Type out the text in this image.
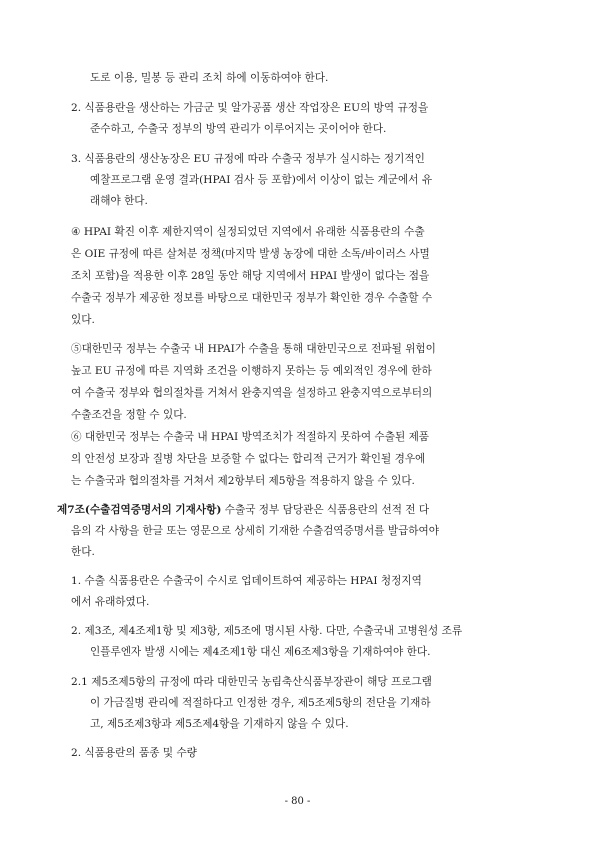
도로 이용, 밀봉 등 관리 조치 하에 이동하여야 한다.
2. 식품용란을 생산하는 가금군 및 알가공품 생산 작업장은 EU의 방역 규정을
준수하고, 수출국 정부의 방역 관리가 이루어지는 곳이어야 한다.
3. 식품용란의 생산농장은 EU 규정에 따라 수출국 정부가 실시하는 정기적인
예찰프로그램 운영 결과(HPAI 검사 등 포함)에서 이상이 없는 계군에서 유
래해야 한다.
④ HPAI 확진 이후 제한지역이 실정되었던 지역에서 유래한 식품용란의 수출
은 OIE 규정에 따른 살처분 정책(마지막 발생 농장에 대한 소독/바이러스 사멸
조치 포함)을 적용한 이후 28일 동안 해당 지역에서 HPAI 발생이 없다는 점을
수출국 정부가 제공한 정보를 바탕으로 대한민국 정부가 확인한 경우 수출할 수
있다.
⑤대한민국 정부는 수출국 내 HPAI가 수출을 통해 대한민국으로 전파될 위험이
높고 EU 규정에 따른 지역화 조건을 이행하지 못하는 등 예외적인 경우에 한하
여 수출국 정부와 협의절차를 거쳐서 완충지역을 설정하고 완충지역으로부터의
수출조건을 정할 수 있다.
⑥ 대한민국 정부는 수출국 내 HPAI 방역조치가 적절하지 못하여 수출된 제품
의 안전성 보장과 질병 차단을 보증할 수 없다는 합리적 근거가 확인될 경우에
는 수출국과 협의절차를 거쳐서 제2항부터 제5항을 적용하지 않을 수 있다.
제7조(수출검역증명서의 기재사항) 수출국 정부 담당관은 식품용란의 선적 전 다
음의 각 사항을 한글 또는 영문으로 상세히 기재한 수출검역증명서를 발급하여야
한다.
1. 수출 식품용란은 수출국이 수시로 업데이트하여 제공하는 HPAI 청정지역
에서 유래하였다.
2. 제3조, 제4조제1항 및 제3항, 제5조에 명시된 사항. 다만, 수출국내 고병원성 조류
인플루엔자 발생 시에는 제4조제1항 대신 제6조제3항을 기재하여야 한다.
2.1 제5조제5항의 규정에 따라 대한민국 농림축산식품부장관이 해당 프로그램
이 가금질병 관리에 적절하다고 인정한 경우, 제5조제5항의 전단을 기재하
고, 제5조제3항과 제5조제4항을 기재하지 않을 수 있다.
2. 식품용란의 품종 및 수량
- 80 -
